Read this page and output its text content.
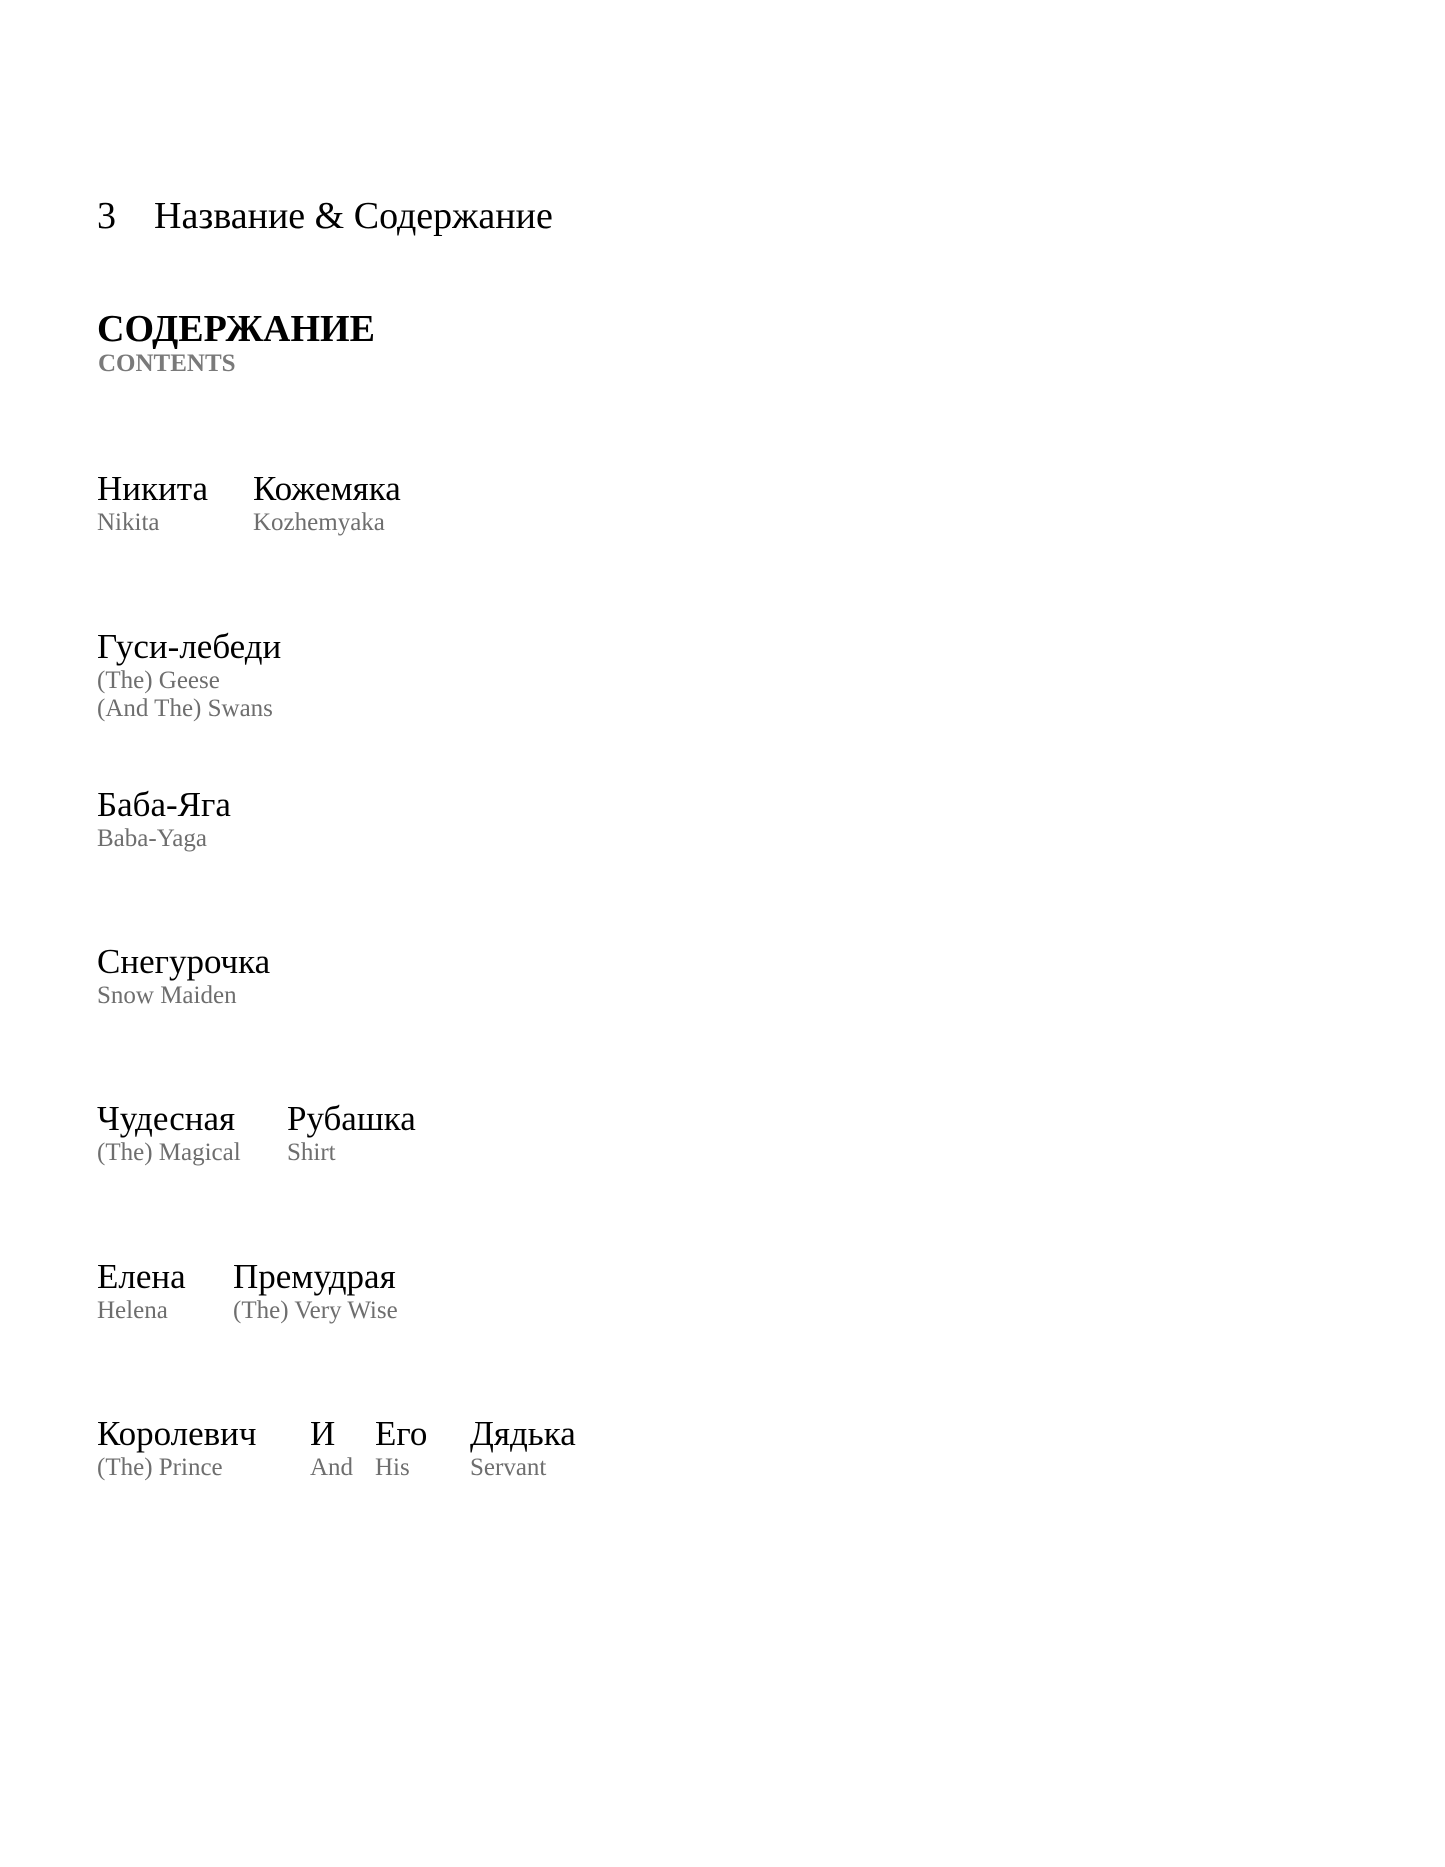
3 Название & Содержание
СОДЕРЖАНИЕ
CONTENTS
Никита
Nikita
Кожемяка
Kozhemyaka
Гуси-лебеди
(The) Geese
(And The) Swans
Баба-Яга
Baba-Yaga
Снегурочка
Snow Maiden
Чудесная
(The) Magical
Рубашка
Shirt
Елена
Helena
Премудрая
(The) Very Wise
Королевич
(The) Prince
И
And
Его
His
Дядька
Servant
